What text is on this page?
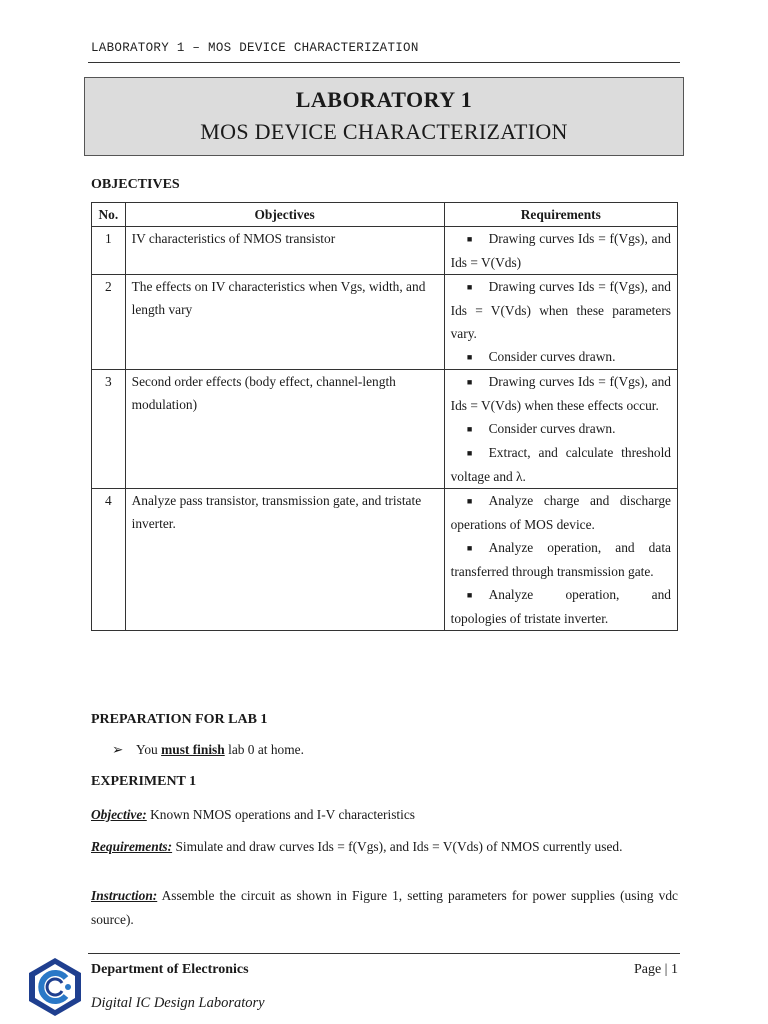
LABORATORY 1 – MOS DEVICE CHARACTERIZATION
LABORATORY 1
MOS DEVICE CHARACTERIZATION
OBJECTIVES
No.	Objectives	Requirements
1	IV characteristics of NMOS transistor	■ Drawing curves Ids = f(Vgs), and Ids = V(Vds)

2	The effects on IV characteristics when Vgs, width, and length vary	■ Drawing curves Ids = f(Vgs), and Ids = V(Vds) when these parameters vary.
■ Consider curves drawn.

3	Second order effects (body effect, channel-length modulation)	■ Drawing curves Ids = f(Vgs), and Ids = V(Vds) when these effects occur.
■ Consider curves drawn.
■ Extract, and calculate threshold voltage and λ.

4	Analyze pass transistor, transmission gate, and tristate inverter.	■ Analyze charge and discharge operations of MOS device.
■ Analyze operation, and data transferred through transmission gate.
■ Analyze operation, and topologies of tristate inverter.
PREPARATION FOR LAB 1
➢ You must finish lab 0 at home.
EXPERIMENT 1
Objective: Known NMOS operations and I-V characteristics
Requirements: Simulate and draw curves Ids = f(Vgs), and Ids = V(Vds) of NMOS currently used.
Instruction: Assemble the circuit as shown in Figure 1, setting parameters for power supplies (using vdc source).
Department of Electronics
Digital IC Design Laboratory
Page | 1
